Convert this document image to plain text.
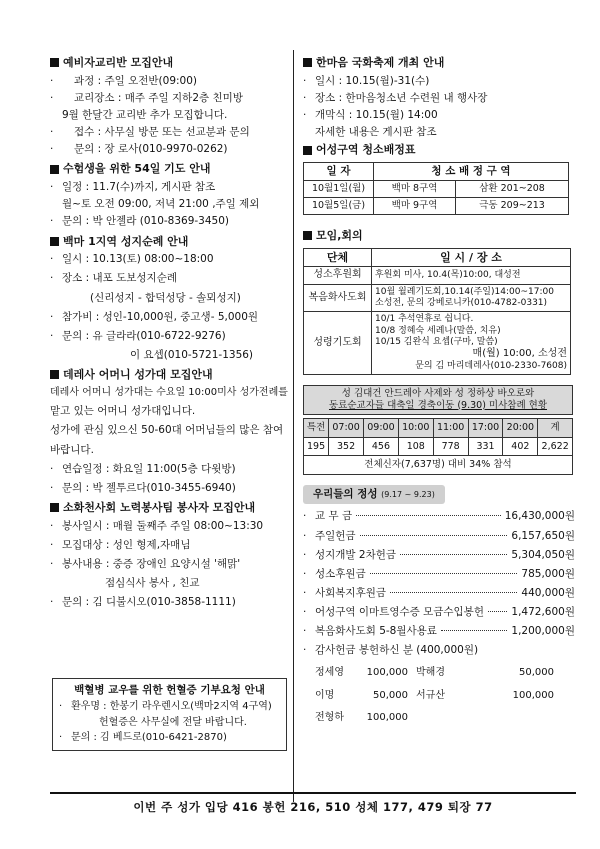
예비자교리반 모집안내
· 과정 : 주일 오전반(09:00)
· 교리장소 : 매주 주일 지하2층 친미방
9월 한달간 교리반 추가 모집합니다.
· 접수 : 사무실 방문 또는 선교분과 문의
· 문의 : 장 로사(010-9970-0262)
수험생을 위한 54일 기도 안내
· 일정 : 11.7(수)까지, 게시판 참조
월~토 오전 09:00, 저녁 21:00 ,주일 제외
· 문의 : 박 안젤라 (010-8369-3450)
백마 1지역 성지순례 안내
· 일시 : 10.13(토) 08:00~18:00
· 장소 : 내포 도보성지순례
(신리성지 - 합덕성당 - 솔뫼성지)
· 참가비 : 성인-10,000원, 중고생- 5,000원
· 문의 : 유 글라라(010-6722-9276)
이 요셉(010-5721-1356)
데레사 어머니 성가대 모집안내
데레사 어머니 성가대는 수요일 10:00미사 성가전례를
맡고 있는 어머니 성가대입니다.
성가에 관심 있으신 50-60대 어머님들의 많은 참여
바랍니다.
· 연습일정 : 화요일 11:00(5층 다윗방)
· 문의 : 박 젤투르다(010-3455-6940)
소화천사회 노력봉사팀 봉사자 모집안내
· 봉사일시 : 매월 둘째주 주일 08:00~13:30
· 모집대상 : 성인 형제,자매님
· 봉사내용 : 중증 장애인 요양시설 '해맑'
점심식사 봉사 , 친교
· 문의 : 김 디불시오(010-3858-1111)
백혈병 교우를 위한 헌혈증 기부요청 안내
· 환우명 : 한봉기 라우렌시오(백마2지역 4구역)
헌혈증은 사무실에 전달 바랍니다.
· 문의 : 김 베드로(010-6421-2870)
한마음 국화축제 개최 안내
· 일시 : 10.15(월)-31(수)
· 장소 : 한마음청소년 수련원 내 행사장
· 개막식 : 10.15(월) 14:00
자세한 내용은 게시판 참조
어성구역 청소배정표
일 자	청 소 배 정 구 역	
10월1일(월)	백마 8구역	삼환 201~208
10월5일(금)	백마 9구역	극동 209~213
모임,회의
단체	일 시 / 장 소
성소후원회	후원회 미사, 10.4(목)10:00, 대성전
복음화사도회	10월 월례기도회,10.14(주일)14:00~17:00
소성전, 문의 강베로니카(010-4782-0331)

성령기도회	10/1 추석연휴로 쉽니다.
10/8 정혜숙 세례나(말씀, 치유)
10/15 김완식 요셉(구마, 말씀)
매(월) 10:00, 소성전
문의 김 마리데레사(010-2330-7608)
성 김대건 안드레아 사제와 성 정하상 바오로와
동료순교자들 대축일 경축이동 (9.30) 미사참례 현황
특전	07:00	09:00	10:00	11:00	17:00	20:00	계
195	352	456	108	778	331	402	2,622
전체신자(7,637명) 대비 34% 참석							
우리들의 정성 (9.17 ~ 9.23)
· 교 무 금	16,430,000원
· 주일헌금	6,157,650원
· 성지개발 2차헌금	5,304,050원
· 성소후원금	785,000원
· 사회복지후원금	440,000원
· 어성구역 이마트영수증 모금수입봉헌	1,472,600원
· 복음화사도회 5-8월사용료	1,200,000원
· 감사헌금 봉헌하신 분 (400,000원)
정세영	100,000 박해경	50,000
이명	50,000 서규산	100,000
전형하	100,000
이번 주 성가 입당 416 봉헌 216, 510 성체 177, 479 퇴장 77
